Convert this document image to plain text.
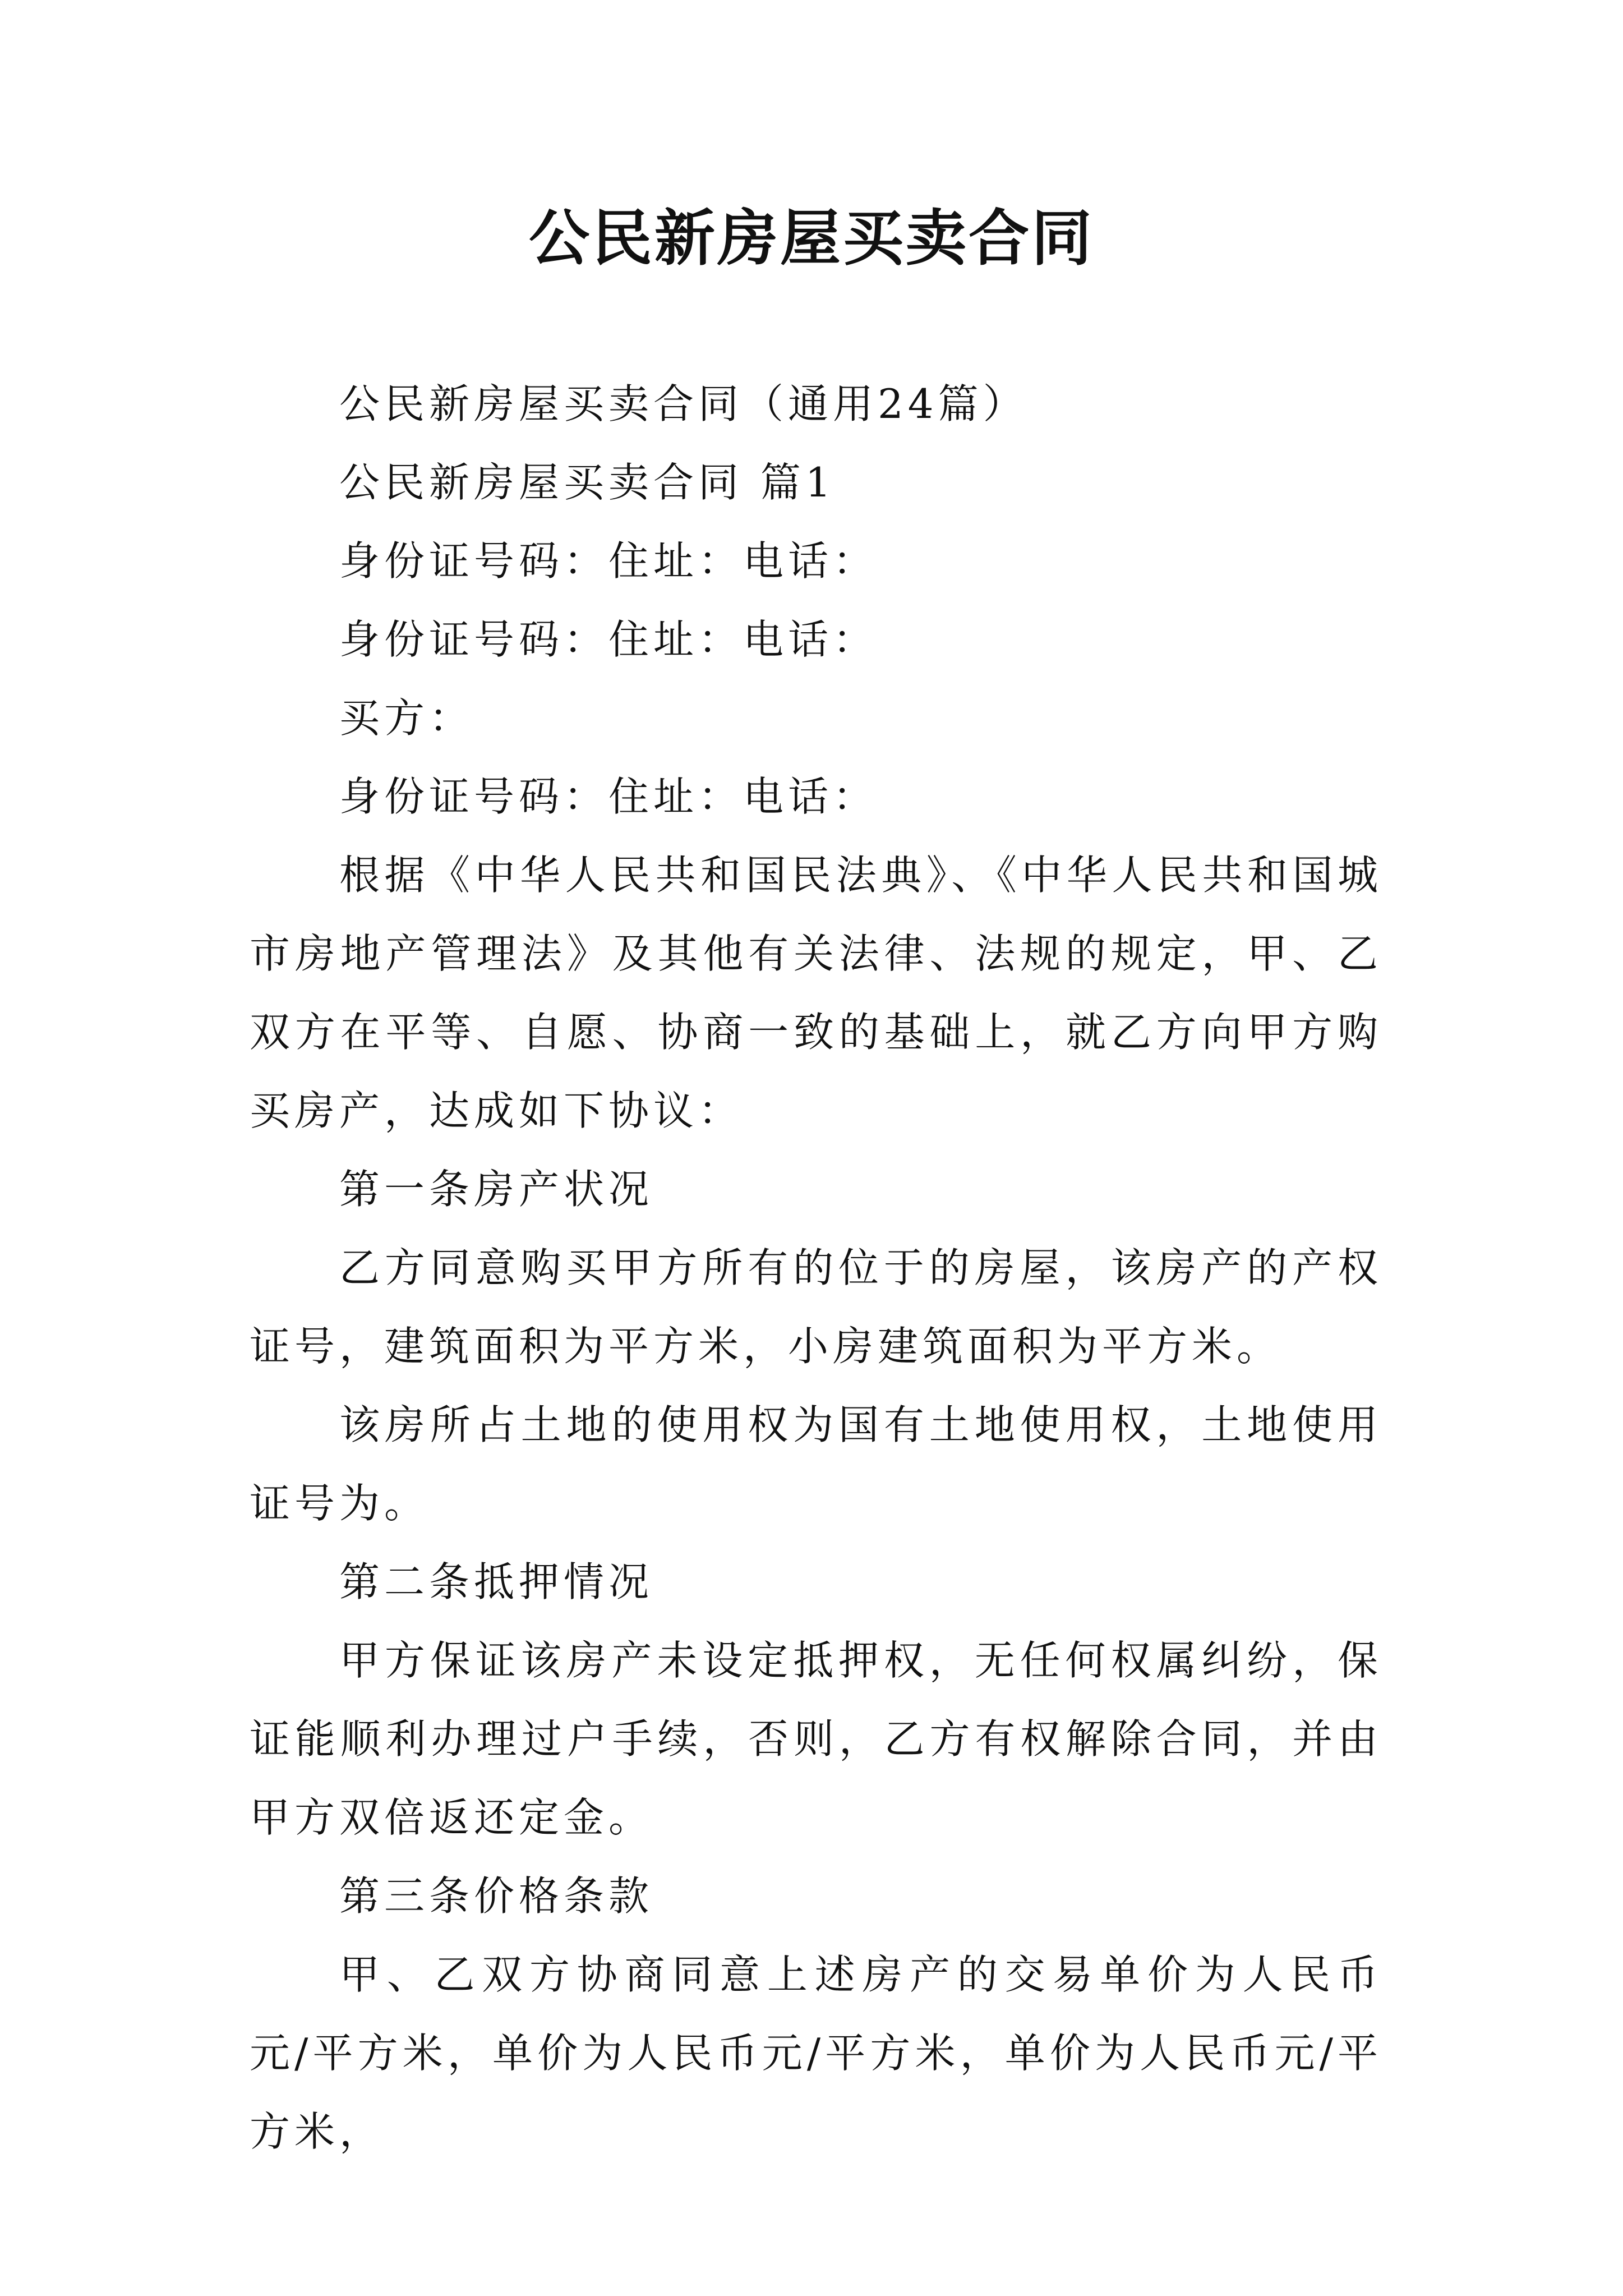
公民新房屋买卖合同

公民新房屋买卖合同（通用24篇）

公民新房屋买卖合同 篇1

身份证号码：住址：电话：

身份证号码：住址：电话：

买方：

身份证号码：住址：电话：

根据《中华人民共和国民法典》、《中华人民共和国城市房地产管理法》及其他有关法律、法规的规定，甲、乙双方在平等、自愿、协商一致的基础上，就乙方向甲方购买房产，达成如下协议：

第一条房产状况

乙方同意购买甲方所有的位于的房屋，该房产的产权证号，建筑面积为平方米，小房建筑面积为平方米。

该房所占土地的使用权为国有土地使用权，土地使用证号为。

第二条抵押情况

甲方保证该房产未设定抵押权，无任何权属纠纷，保证能顺利办理过户手续，否则，乙方有权解除合同，并由甲方双倍返还定金。

第三条价格条款

甲、乙双方协商同意上述房产的交易单价为人民币元/平方米，单价为人民币元/平方米，单价为人民币元/平方米，
